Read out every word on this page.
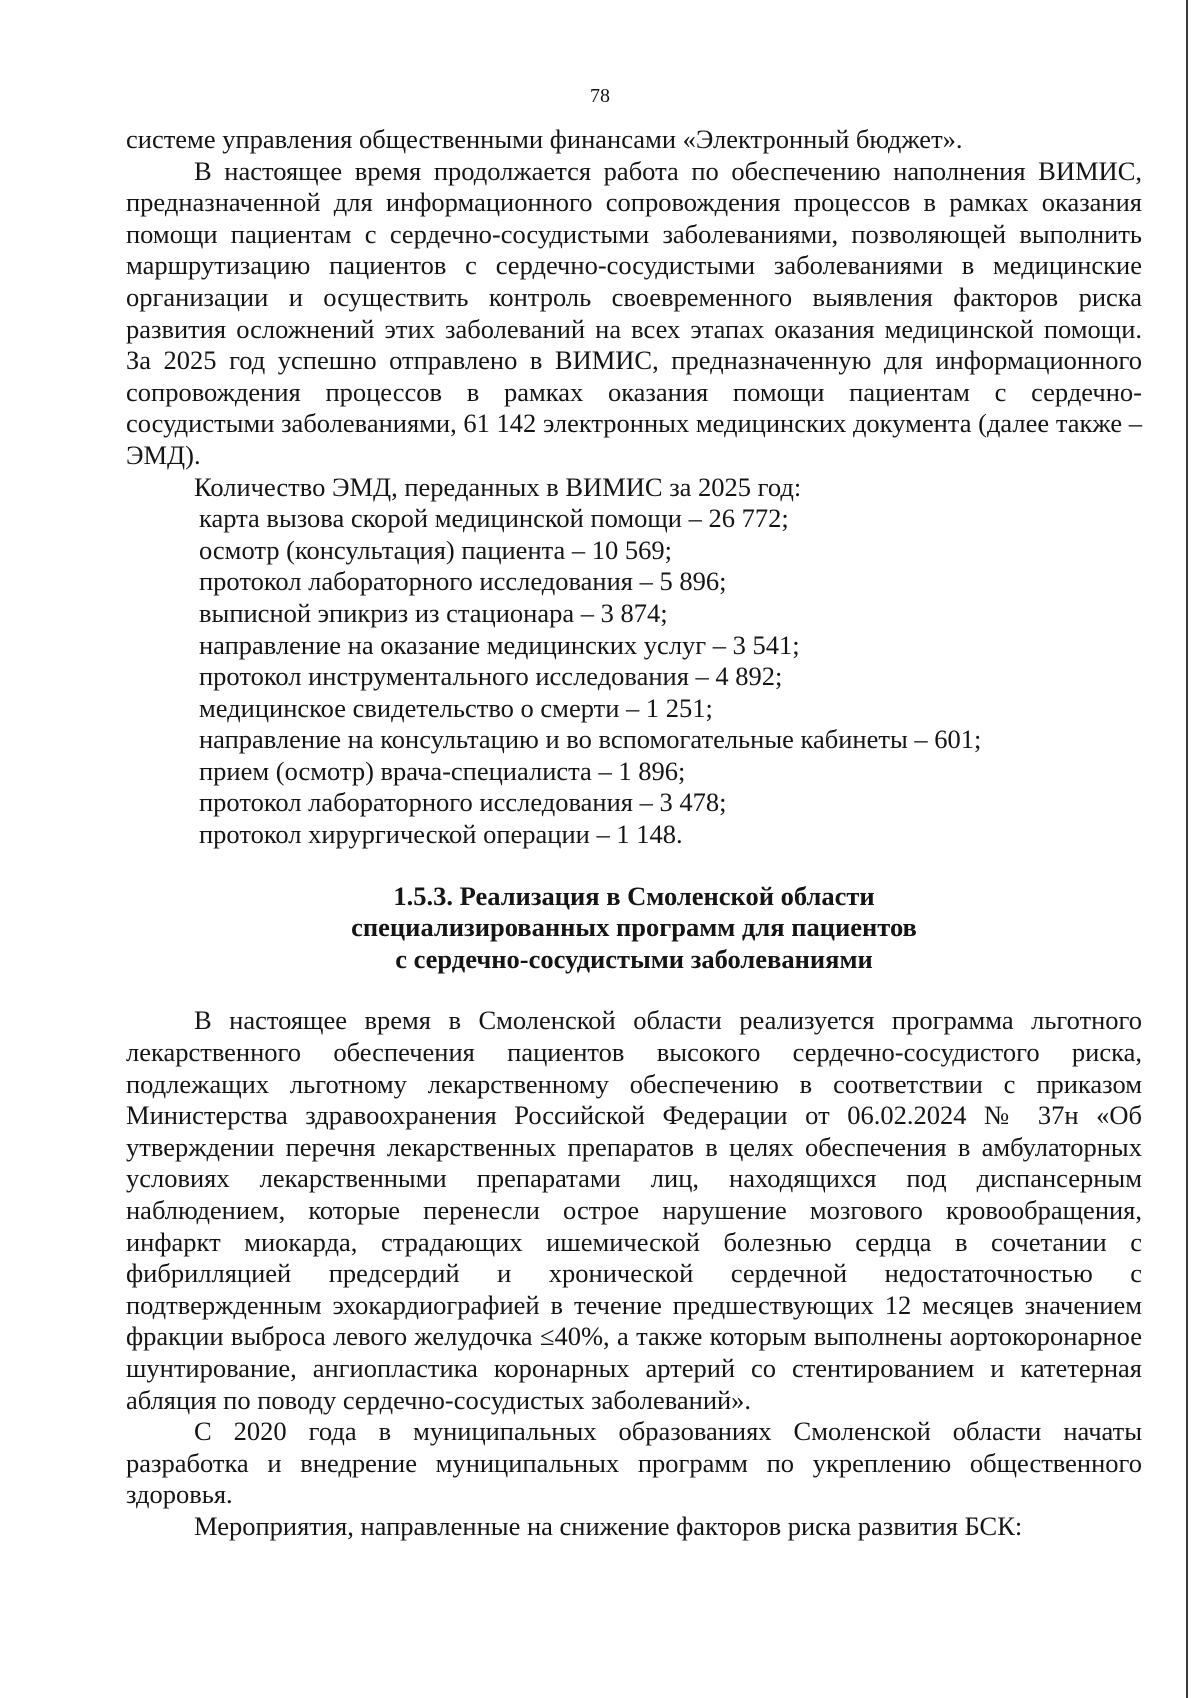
78

системе управления общественными финансами «Электронный бюджет».

В настоящее время продолжается работа по обеспечению наполнения ВИМИС, предназначенной для информационного сопровождения процессов в рамках оказания помощи пациентам с сердечно-сосудистыми заболеваниями, позволяющей выполнить маршрутизацию пациентов с сердечно-сосудистыми заболеваниями в медицинские организации и осуществить контроль своевременного выявления факторов риска развития осложнений этих заболеваний на всех этапах оказания медицинской помощи. За 2025 год успешно отправлено в ВИМИС, предназначенную для информационного сопровождения процессов в рамках оказания помощи пациентам с сердечно-сосудистыми заболеваниями, 61 142 электронных медицинских документа (далее также – ЭМД).

Количество ЭМД, переданных в ВИМИС за 2025 год:

карта вызова скорой медицинской помощи – 26 772;

осмотр (консультация) пациента – 10 569;

протокол лабораторного исследования – 5 896;

выписной эпикриз из стационара – 3 874;

направление на оказание медицинских услуг – 3 541;

протокол инструментального исследования – 4 892;

медицинское свидетельство о смерти – 1 251;

направление на консультацию и во вспомогательные кабинеты – 601;

прием (осмотр) врача-специалиста – 1 896;

протокол лабораторного исследования – 3 478;

протокол хирургической операции – 1 148.

1.5.3. Реализация в Смоленской области

специализированных программ для пациентов

с сердечно-сосудистыми заболеваниями

В настоящее время в Смоленской области реализуется программа льготного лекарственного обеспечения пациентов высокого сердечно-сосудистого риска, подлежащих льготному лекарственному обеспечению в соответствии с приказом Министерства здравоохранения Российской Федерации от 06.02.2024 № 37н «Об утверждении перечня лекарственных препаратов в целях обеспечения в амбулаторных условиях лекарственными препаратами лиц, находящихся под диспансерным наблюдением, которые перенесли острое нарушение мозгового кровообращения, инфаркт миокарда, страдающих ишемической болезнью сердца в сочетании с фибрилляцией предсердий и хронической сердечной недостаточностью с подтвержденным эхокардиографией в течение предшествующих 12 месяцев значением фракции выброса левого желудочка ≤40%, а также которым выполнены аортокоронарное шунтирование, ангиопластика коронарных артерий со стентированием и катетерная абляция по поводу сердечно-сосудистых заболеваний».

С 2020 года в муниципальных образованиях Смоленской области начаты разработка и внедрение муниципальных программ по укреплению общественного здоровья.

Мероприятия, направленные на снижение факторов риска развития БСК:
